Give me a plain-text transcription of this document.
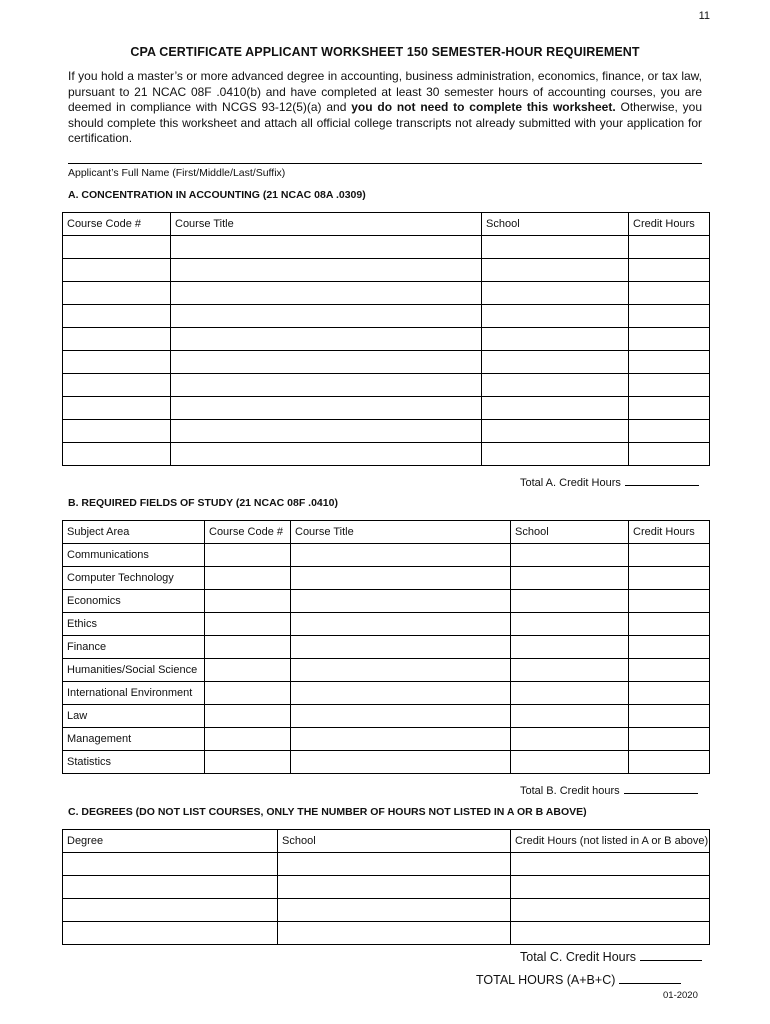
11
CPA CERTIFICATE APPLICANT WORKSHEET 150 SEMESTER-HOUR REQUIREMENT
If you hold a master’s or more advanced degree in accounting, business administration, economics, finance, or tax law, pursuant to 21 NCAC 08F .0410(b) and have completed at least 30 semester hours of accounting courses, you are deemed in compliance with NCGS 93-12(5)(a) and you do not need to complete this worksheet. Otherwise, you should complete this worksheet and attach all official college transcripts not already submitted with your application for certification.
Applicant’s Full Name (First/Middle/Last/Suffix)
A. CONCENTRATION IN ACCOUNTING (21 NCAC 08A .0309)
Course Code #	Course Title	School	Credit Hours

Total A. Credit Hours
B. REQUIRED FIELDS OF STUDY (21 NCAC 08F .0410)
Subject Area	Course Code #	Course Title	School	Credit Hours
Communications				
Computer Technology				
Economics				
Ethics				
Finance				
Humanities/Social Science				
International Environment				
Law				
Management				
Statistics				
Total B. Credit hours
C. DEGREES (DO NOT LIST COURSES, ONLY THE NUMBER OF HOURS NOT LISTED IN A OR B ABOVE)
Degree	School	Credit Hours (not listed in A or B above)

Total C. Credit Hours
TOTAL HOURS (A+B+C)
01-2020
